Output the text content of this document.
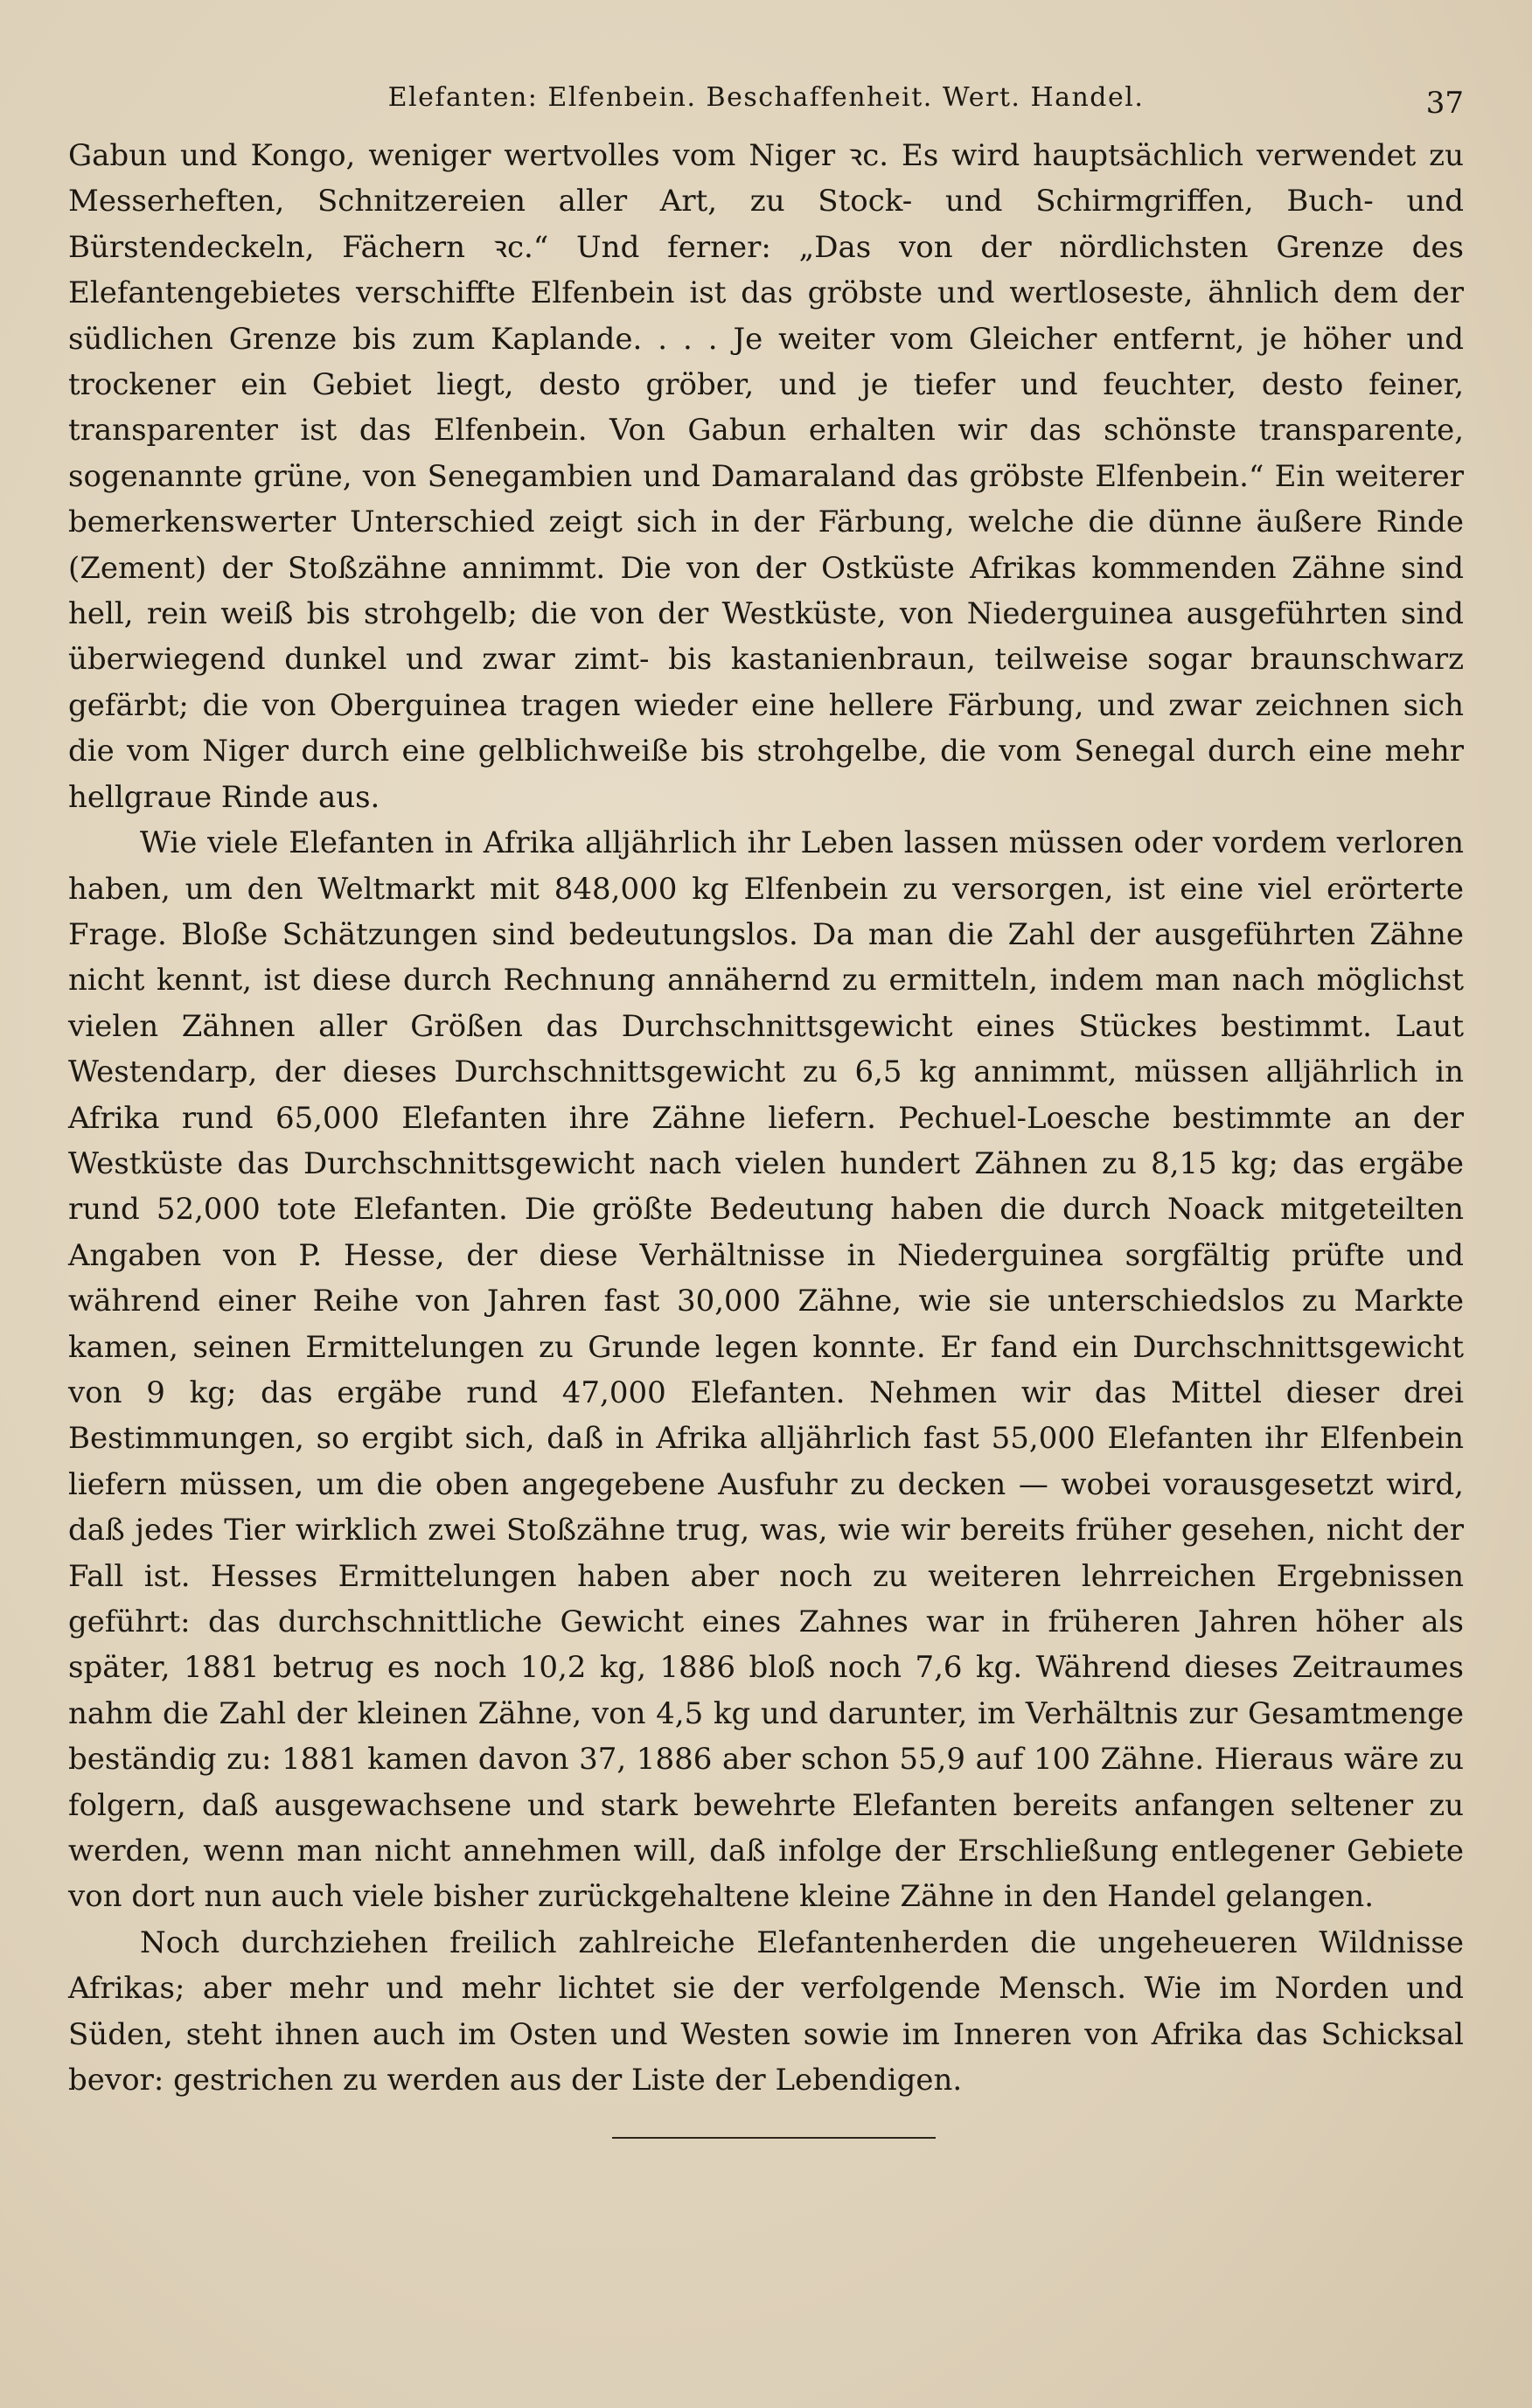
Elefanten: Elfenbein. Beschaffenheit. Wert. Handel.	37

Gabun und Kongo, weniger wertvolles vom Niger ꝛc. Es wird hauptsächlich verwendet zu Messerheften, Schnitzereien aller Art, zu Stock- und Schirmgriffen, Buch- und Bürstendeckeln, Fächern ꝛc.“ Und ferner: „Das von der nördlichsten Grenze des Elefantengebietes verschiffte Elfenbein ist das gröbste und wertloseste, ähnlich dem der südlichen Grenze bis zum Kaplande. . . . Je weiter vom Gleicher entfernt, je höher und trockener ein Gebiet liegt, desto gröber, und je tiefer und feuchter, desto feiner, transparenter ist das Elfenbein. Von Gabun erhalten wir das schönste transparente, sogenannte grüne, von Senegambien und Damaraland das gröbste Elfenbein.“ Ein weiterer bemerkenswerter Unterschied zeigt sich in der Färbung, welche die dünne äußere Rinde (Zement) der Stoßzähne annimmt. Die von der Ostküste Afrikas kommenden Zähne sind hell, rein weiß bis strohgelb; die von der Westküste, von Niederguinea ausgeführten sind überwiegend dunkel und zwar zimt- bis kastanienbraun, teilweise sogar braunschwarz gefärbt; die von Oberguinea tragen wieder eine hellere Färbung, und zwar zeichnen sich die vom Niger durch eine gelblichweiße bis strohgelbe, die vom Senegal durch eine mehr hellgraue Rinde aus.

Wie viele Elefanten in Afrika alljährlich ihr Leben lassen müssen oder vordem verloren haben, um den Weltmarkt mit 848,000 kg Elfenbein zu versorgen, ist eine viel erörterte Frage. Bloße Schätzungen sind bedeutungslos. Da man die Zahl der ausgeführten Zähne nicht kennt, ist diese durch Rechnung annähernd zu ermitteln, indem man nach möglichst vielen Zähnen aller Größen das Durchschnittsgewicht eines Stückes bestimmt. Laut Westendarp, der dieses Durchschnittsgewicht zu 6,5 kg annimmt, müssen alljährlich in Afrika rund 65,000 Elefanten ihre Zähne liefern. Pechuel-Loesche bestimmte an der Westküste das Durchschnittsgewicht nach vielen hundert Zähnen zu 8,15 kg; das ergäbe rund 52,000 tote Elefanten. Die größte Bedeutung haben die durch Noack mitgeteilten Angaben von P. Hesse, der diese Verhältnisse in Niederguinea sorgfältig prüfte und während einer Reihe von Jahren fast 30,000 Zähne, wie sie unterschiedslos zu Markte kamen, seinen Ermittelungen zu Grunde legen konnte. Er fand ein Durchschnittsgewicht von 9 kg; das ergäbe rund 47,000 Elefanten. Nehmen wir das Mittel dieser drei Bestimmungen, so ergibt sich, daß in Afrika alljährlich fast 55,000 Elefanten ihr Elfenbein liefern müssen, um die oben angegebene Ausfuhr zu decken — wobei vorausgesetzt wird, daß jedes Tier wirklich zwei Stoßzähne trug, was, wie wir bereits früher gesehen, nicht der Fall ist. Hesses Ermittelungen haben aber noch zu weiteren lehrreichen Ergebnissen geführt: das durchschnittliche Gewicht eines Zahnes war in früheren Jahren höher als später, 1881 betrug es noch 10,2 kg, 1886 bloß noch 7,6 kg. Während dieses Zeitraumes nahm die Zahl der kleinen Zähne, von 4,5 kg und darunter, im Verhältnis zur Gesamtmenge beständig zu: 1881 kamen davon 37, 1886 aber schon 55,9 auf 100 Zähne. Hieraus wäre zu folgern, daß ausgewachsene und stark bewehrte Elefanten bereits anfangen seltener zu werden, wenn man nicht annehmen will, daß infolge der Erschließung entlegener Gebiete von dort nun auch viele bisher zurückgehaltene kleine Zähne in den Handel gelangen.

Noch durchziehen freilich zahlreiche Elefantenherden die ungeheueren Wildnisse Afrikas; aber mehr und mehr lichtet sie der verfolgende Mensch. Wie im Norden und Süden, steht ihnen auch im Osten und Westen sowie im Inneren von Afrika das Schicksal bevor: gestrichen zu werden aus der Liste der Lebendigen.
